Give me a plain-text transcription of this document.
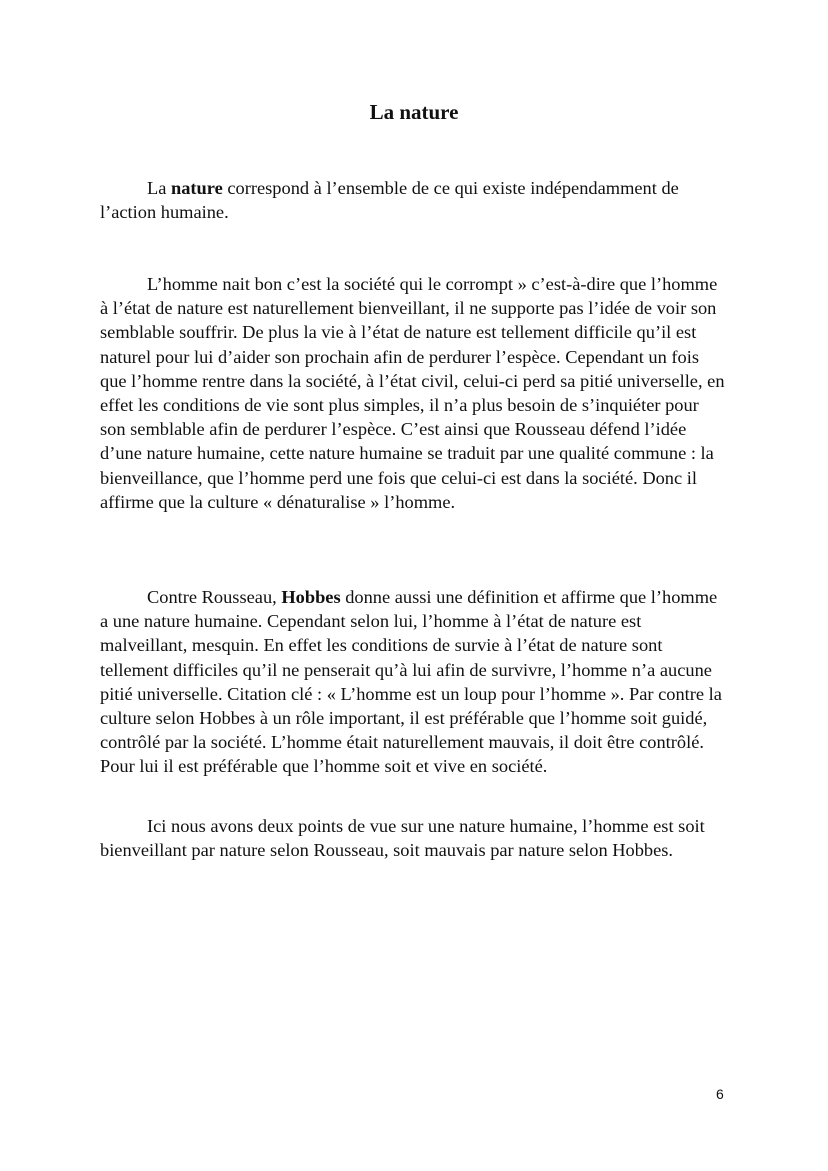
La nature

La nature correspond à l’ensemble de ce qui existe indépendamment de l’action humaine.

L’homme nait bon c’est la société qui le corrompt » c’est-à-dire que l’homme à l’état de nature est naturellement bienveillant, il ne supporte pas l’idée de voir son semblable souffrir. De plus la vie à l’état de nature est tellement difficile qu’il est naturel pour lui d’aider son prochain afin de perdurer l’espèce. Cependant un fois que l’homme rentre dans la société, à l’état civil, celui-ci perd sa pitié universelle, en effet les conditions de vie sont plus simples, il n’a plus besoin de s’inquiéter pour son semblable afin de perdurer l’espèce. C’est ainsi que Rousseau défend l’idée d’une nature humaine, cette nature humaine se traduit par une qualité commune : la bienveillance, que l’homme perd une fois que celui-ci est dans la société. Donc il affirme que la culture « dénaturalise » l’homme.

Contre Rousseau, Hobbes donne aussi une définition et affirme que l’homme a une nature humaine. Cependant selon lui, l’homme à l’état de nature est malveillant, mesquin. En effet les conditions de survie à l’état de nature sont tellement difficiles qu’il ne penserait qu’à lui afin de survivre, l’homme n’a aucune pitié universelle. Citation clé : « L’homme est un loup pour l’homme ». Par contre la culture selon Hobbes à un rôle important, il est préférable que l’homme soit guidé, contrôlé par la société. L’homme était naturellement mauvais, il doit être contrôlé. Pour lui il est préférable que l’homme soit et vive en société.

Ici nous avons deux points de vue sur une nature humaine, l’homme est soit bienveillant par nature selon Rousseau, soit mauvais par nature selon Hobbes.

6
